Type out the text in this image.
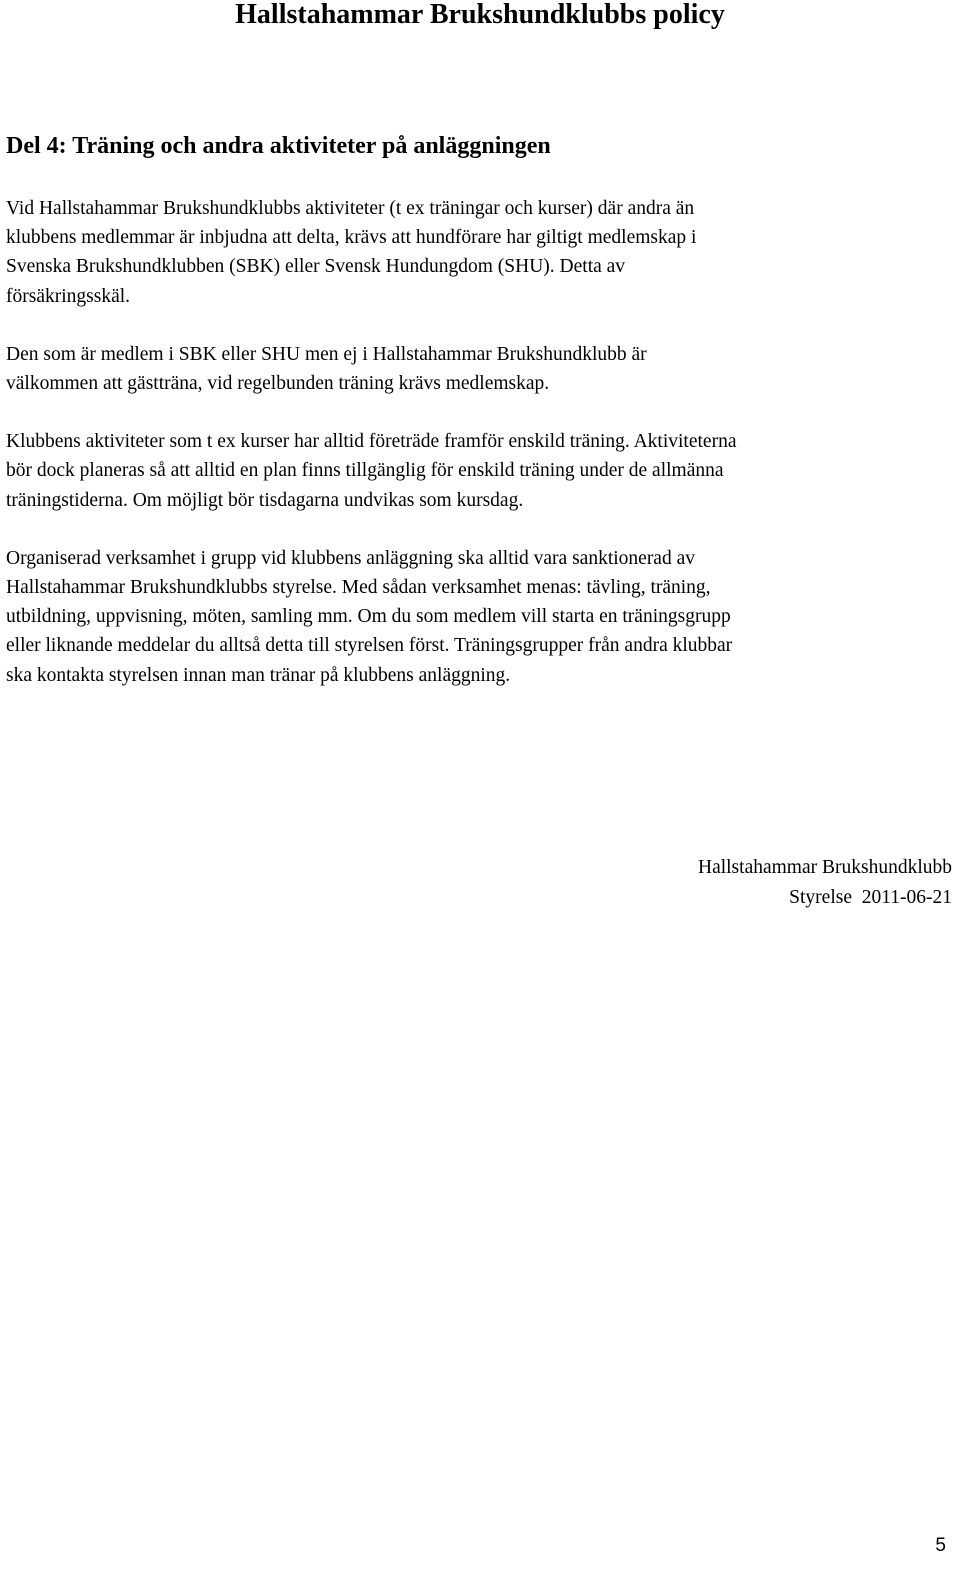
Hallstahammar Brukshundklubbs policy
Del 4: Träning och andra aktiviteter på anläggningen

Vid Hallstahammar Brukshundklubbs aktiviteter (t ex träningar och kurser) där andra än
klubbens medlemmar är inbjudna att delta, krävs att hundförare har giltigt medlemskap i
Svenska Brukshundklubben (SBK) eller Svensk Hundungdom (SHU). Detta av
försäkringsskäl.

Den som är medlem i SBK eller SHU men ej i Hallstahammar Brukshundklubb är
välkommen att gästträna, vid regelbunden träning krävs medlemskap.

Klubbens aktiviteter som t ex kurser har alltid företräde framför enskild träning. Aktiviteterna
bör dock planeras så att alltid en plan finns tillgänglig för enskild träning under de allmänna
träningstiderna. Om möjligt bör tisdagarna undvikas som kursdag.

Organiserad verksamhet i grupp vid klubbens anläggning ska alltid vara sanktionerad av
Hallstahammar Brukshundklubbs styrelse. Med sådan verksamhet menas: tävling, träning,
utbildning, uppvisning, möten, samling mm. Om du som medlem vill starta en träningsgrupp
eller liknande meddelar du alltså detta till styrelsen först. Träningsgrupper från andra klubbar
ska kontakta styrelsen innan man tränar på klubbens anläggning.

Hallstahammar Brukshundklubb
Styrelse  2011-06-21
5
